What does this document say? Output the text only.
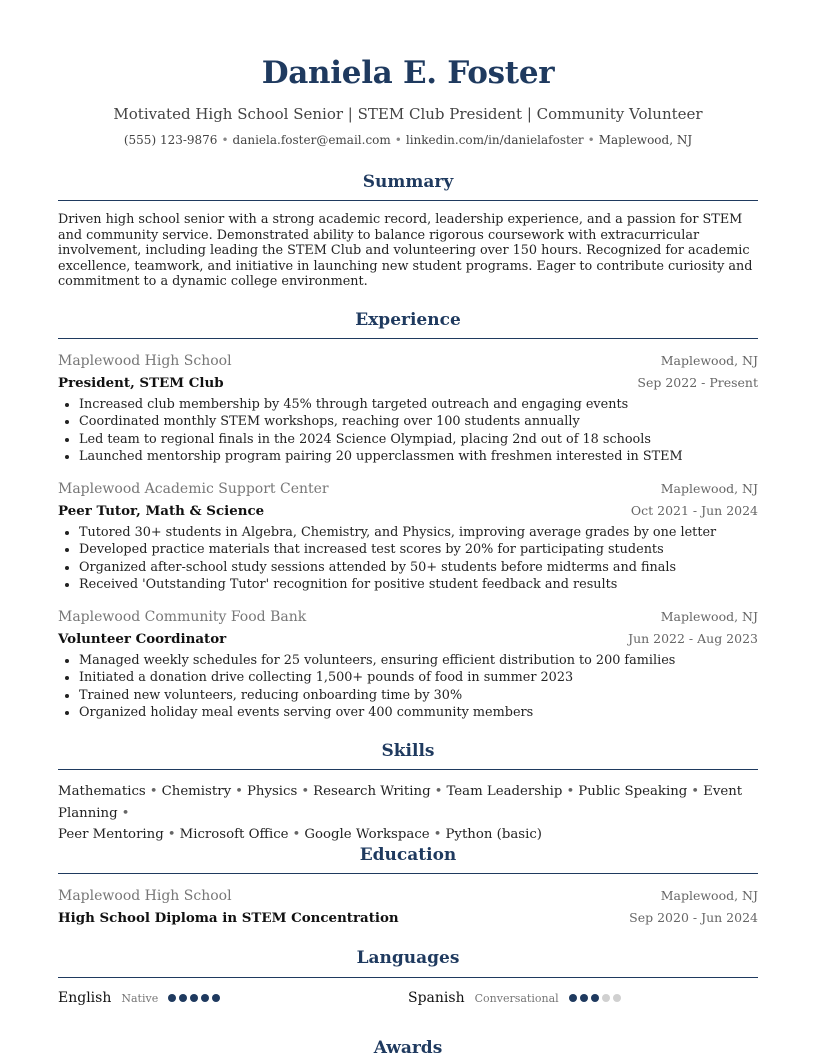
Daniela E. Foster
Motivated High School Senior | STEM Club President | Community Volunteer
(555) 123-9876 • daniela.foster@email.com • linkedin.com/in/danielafoster • Maplewood, NJ
Summary
Driven high school senior with a strong academic record, leadership experience, and a passion for STEM and community service. Demonstrated ability to balance rigorous coursework with extracurricular involvement, including leading the STEM Club and volunteering over 150 hours. Recognized for academic excellence, teamwork, and initiative in launching new student programs. Eager to contribute curiosity and commitment to a dynamic college environment.
Experience
Maplewood High School	Maplewood, NJ
President, STEM Club	Sep 2022 - Present
• Increased club membership by 45% through targeted outreach and engaging events
• Coordinated monthly STEM workshops, reaching over 100 students annually
• Led team to regional finals in the 2024 Science Olympiad, placing 2nd out of 18 schools
• Launched mentorship program pairing 20 upperclassmen with freshmen interested in STEM
Maplewood Academic Support Center	Maplewood, NJ
Peer Tutor, Math & Science	Oct 2021 - Jun 2024
• Tutored 30+ students in Algebra, Chemistry, and Physics, improving average grades by one letter
• Developed practice materials that increased test scores by 20% for participating students
• Organized after-school study sessions attended by 50+ students before midterms and finals
• Received 'Outstanding Tutor' recognition for positive student feedback and results
Maplewood Community Food Bank	Maplewood, NJ
Volunteer Coordinator	Jun 2022 - Aug 2023
• Managed weekly schedules for 25 volunteers, ensuring efficient distribution to 200 families
• Initiated a donation drive collecting 1,500+ pounds of food in summer 2023
• Trained new volunteers, reducing onboarding time by 30%
• Organized holiday meal events serving over 400 community members
Skills
Mathematics • Chemistry • Physics • Research Writing • Team Leadership • Public Speaking • Event Planning •
Peer Mentoring • Microsoft Office • Google Workspace • Python (basic)
Education
Maplewood High School	Maplewood, NJ
High School Diploma in STEM Concentration	Sep 2020 - Jun 2024
Languages
English Native	Spanish Conversational
Awards
